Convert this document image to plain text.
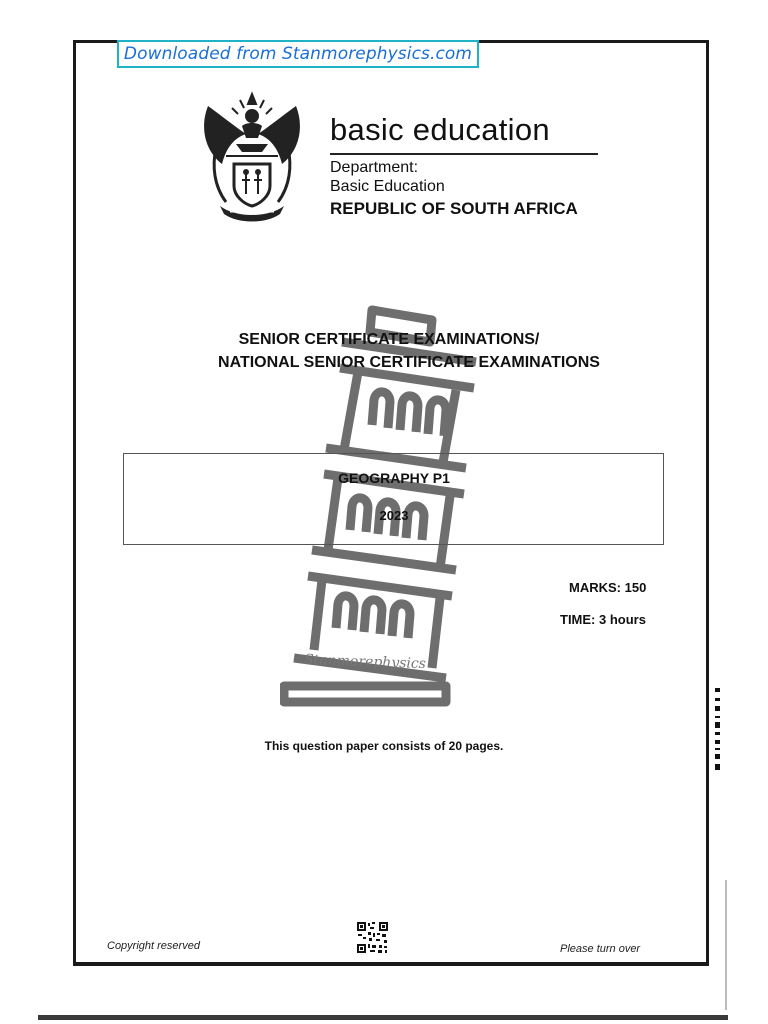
Downloaded from Stanmorephysics.com
basic education
Department:
Basic Education
REPUBLIC OF SOUTH AFRICA
Stanmorephysics
SENIOR CERTIFICATE EXAMINATIONS/
NATIONAL SENIOR CERTIFICATE EXAMINATIONS
GEOGRAPHY P1
2023
MARKS: 150
TIME: 3 hours
This question paper consists of 20 pages.
Copyright reserved	Please turn over
